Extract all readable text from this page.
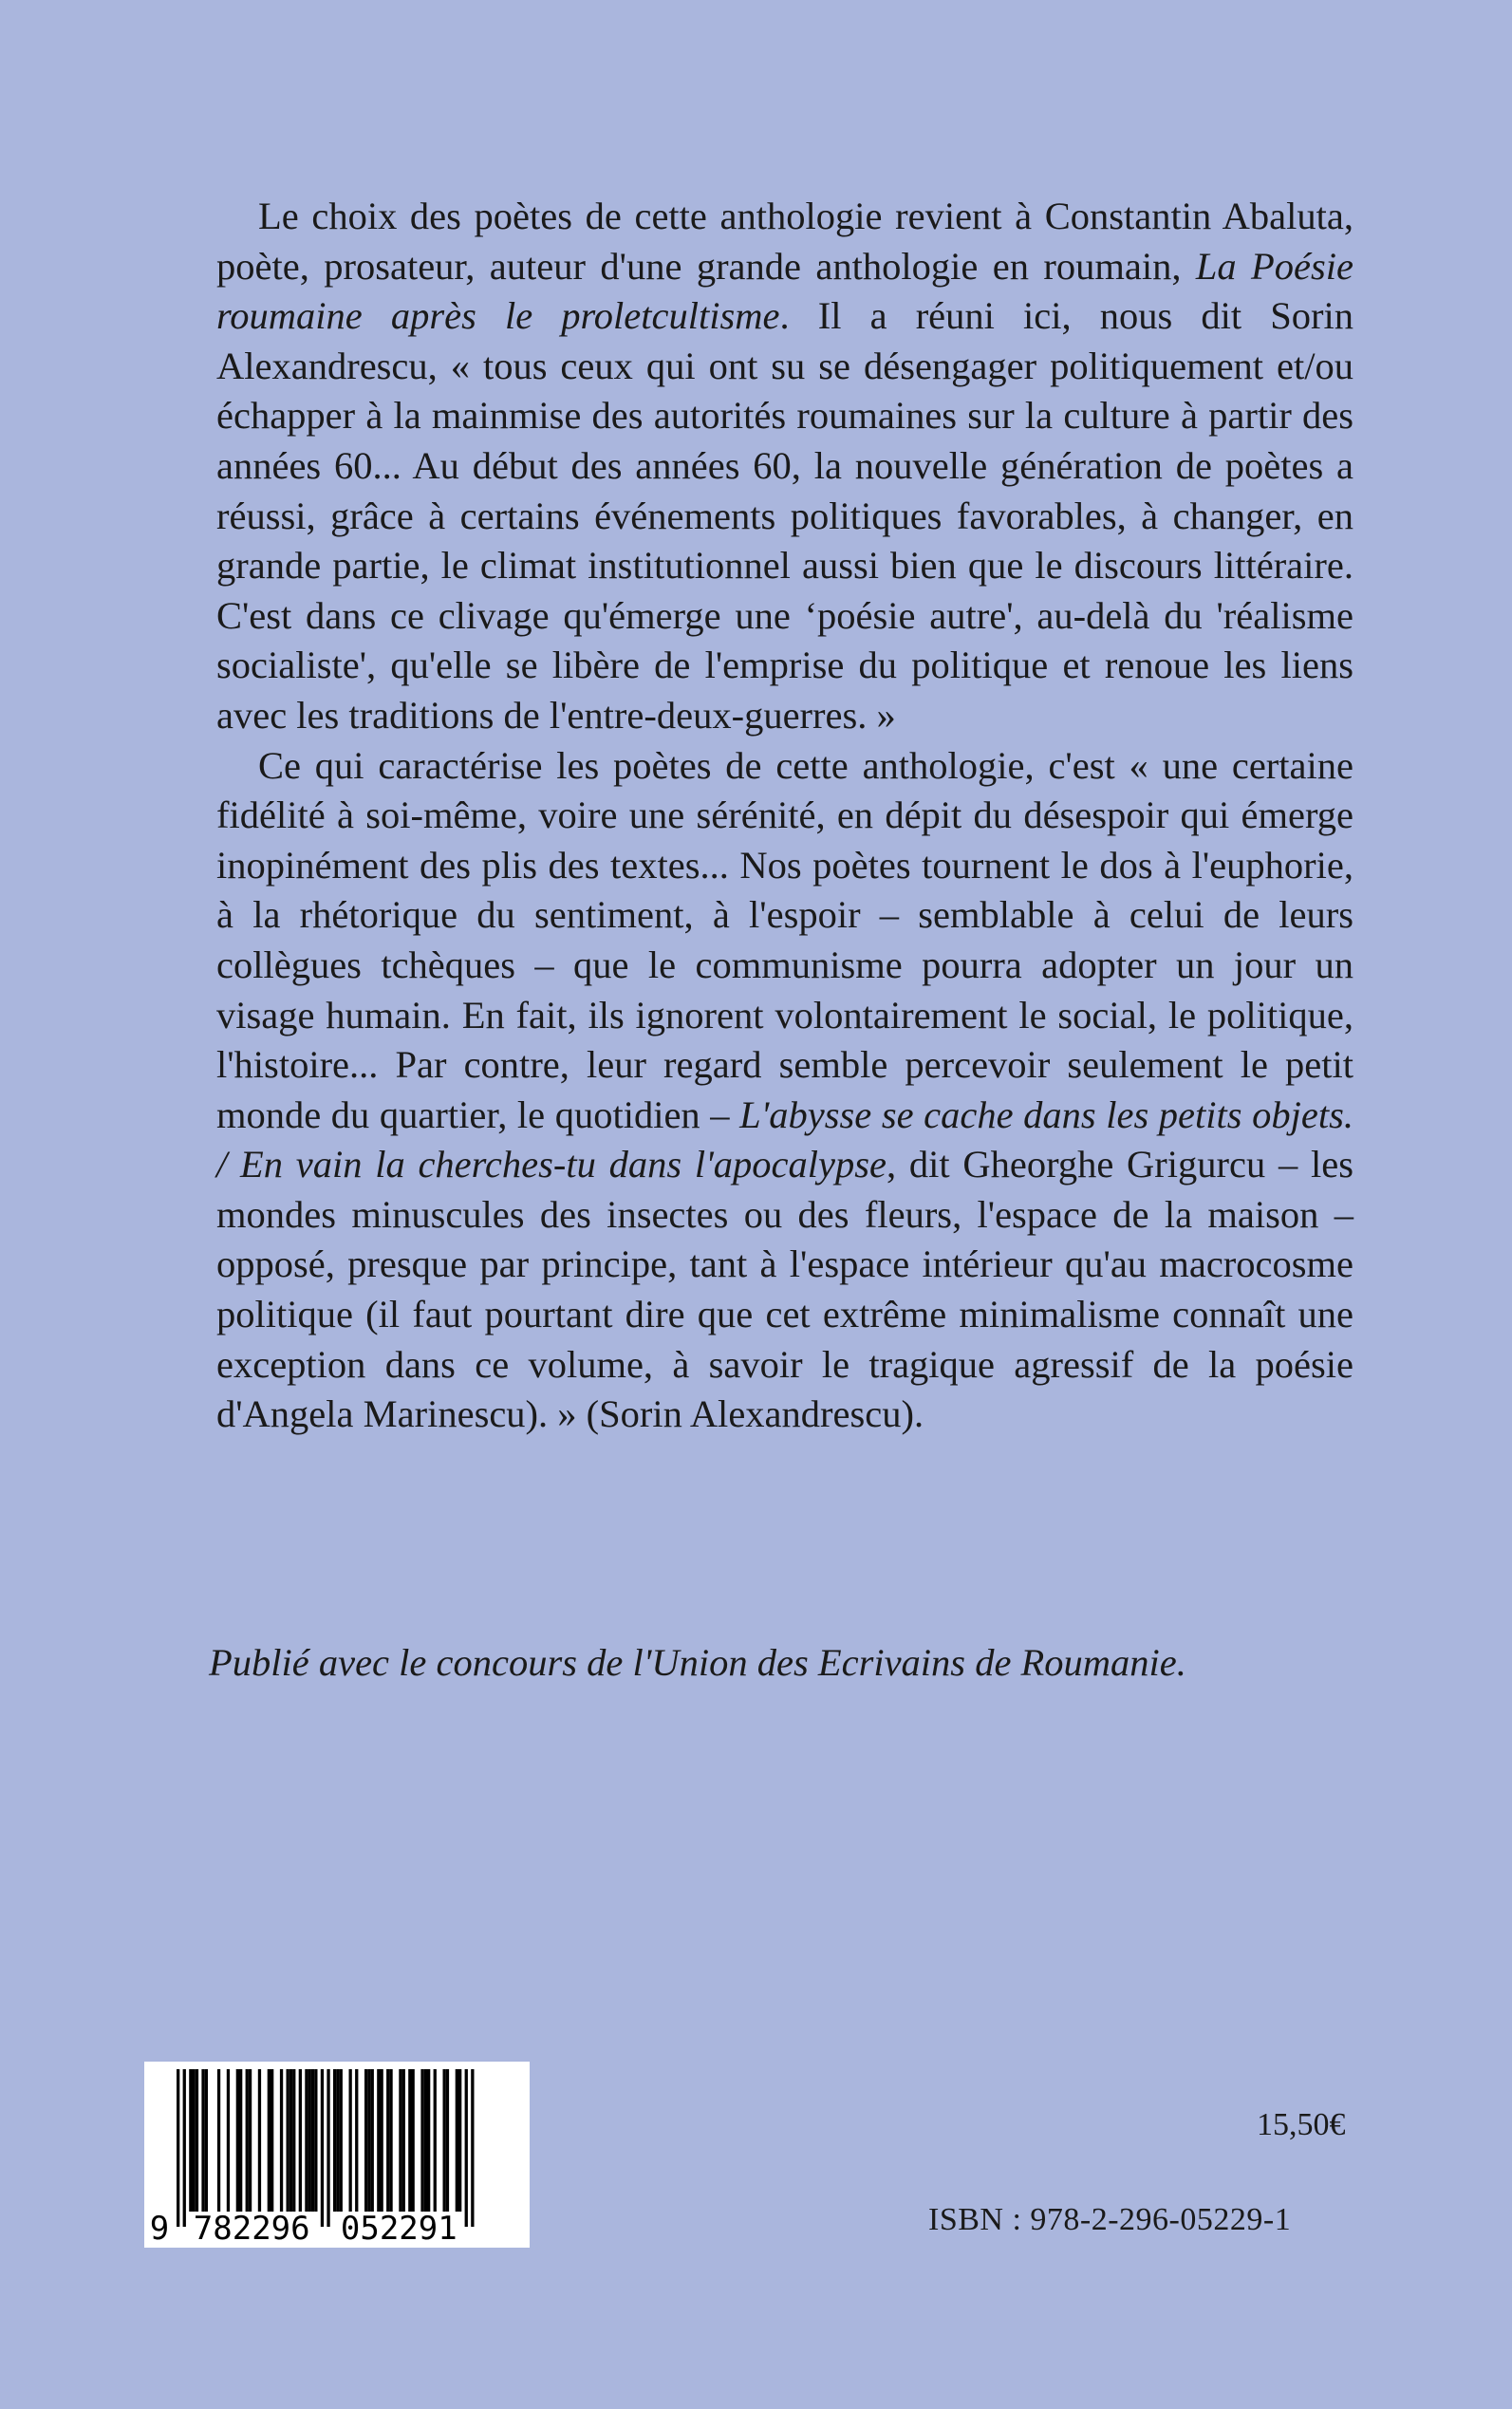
Le choix des poètes de cette anthologie revient à Constantin Abaluta, poète, prosateur, auteur d'une grande anthologie en roumain, La Poésie roumaine après le proletcultisme. Il a réuni ici, nous dit Sorin Alexandrescu, « tous ceux qui ont su se désengager politiquement et/ou échapper à la mainmise des autorités roumaines sur la culture à partir des années 60... Au début des années 60, la nouvelle génération de poètes a réussi, grâce à certains événements politiques favorables, à changer, en grande partie, le climat institutionnel aussi bien que le discours littéraire. C'est dans ce clivage qu'émerge une ‘poésie autre', au-delà du 'réalisme socialiste', qu'elle se libère de l'emprise du politique et renoue les liens avec les traditions de l'entre-deux-guerres. »

Ce qui caractérise les poètes de cette anthologie, c'est « une certaine fidélité à soi-même, voire une sérénité, en dépit du désespoir qui émerge inopinément des plis des textes... Nos poètes tournent le dos à l'euphorie, à la rhétorique du sentiment, à l'espoir – semblable à celui de leurs collègues tchèques – que le communisme pourra adopter un jour un visage humain. En fait, ils ignorent volontairement le social, le politique, l'histoire... Par contre, leur regard semble percevoir seulement le petit monde du quartier, le quotidien – L'abysse se cache dans les petits objets. / En vain la cherches-tu dans l'apocalypse, dit Gheorghe Grigurcu – les mondes minuscules des insectes ou des fleurs, l'espace de la maison – opposé, presque par principe, tant à l'espace intérieur qu'au macrocosme politique (il faut pourtant dire que cet extrême minimalisme connaît une exception dans ce volume, à savoir le tragique agressif de la poésie d'Angela Marinescu). » (Sorin Alexandrescu).

Publié avec le concours de l'Union des Ecrivains de Roumanie.
9 782296 052291
15,50€
ISBN : 978-2-296-05229-1
